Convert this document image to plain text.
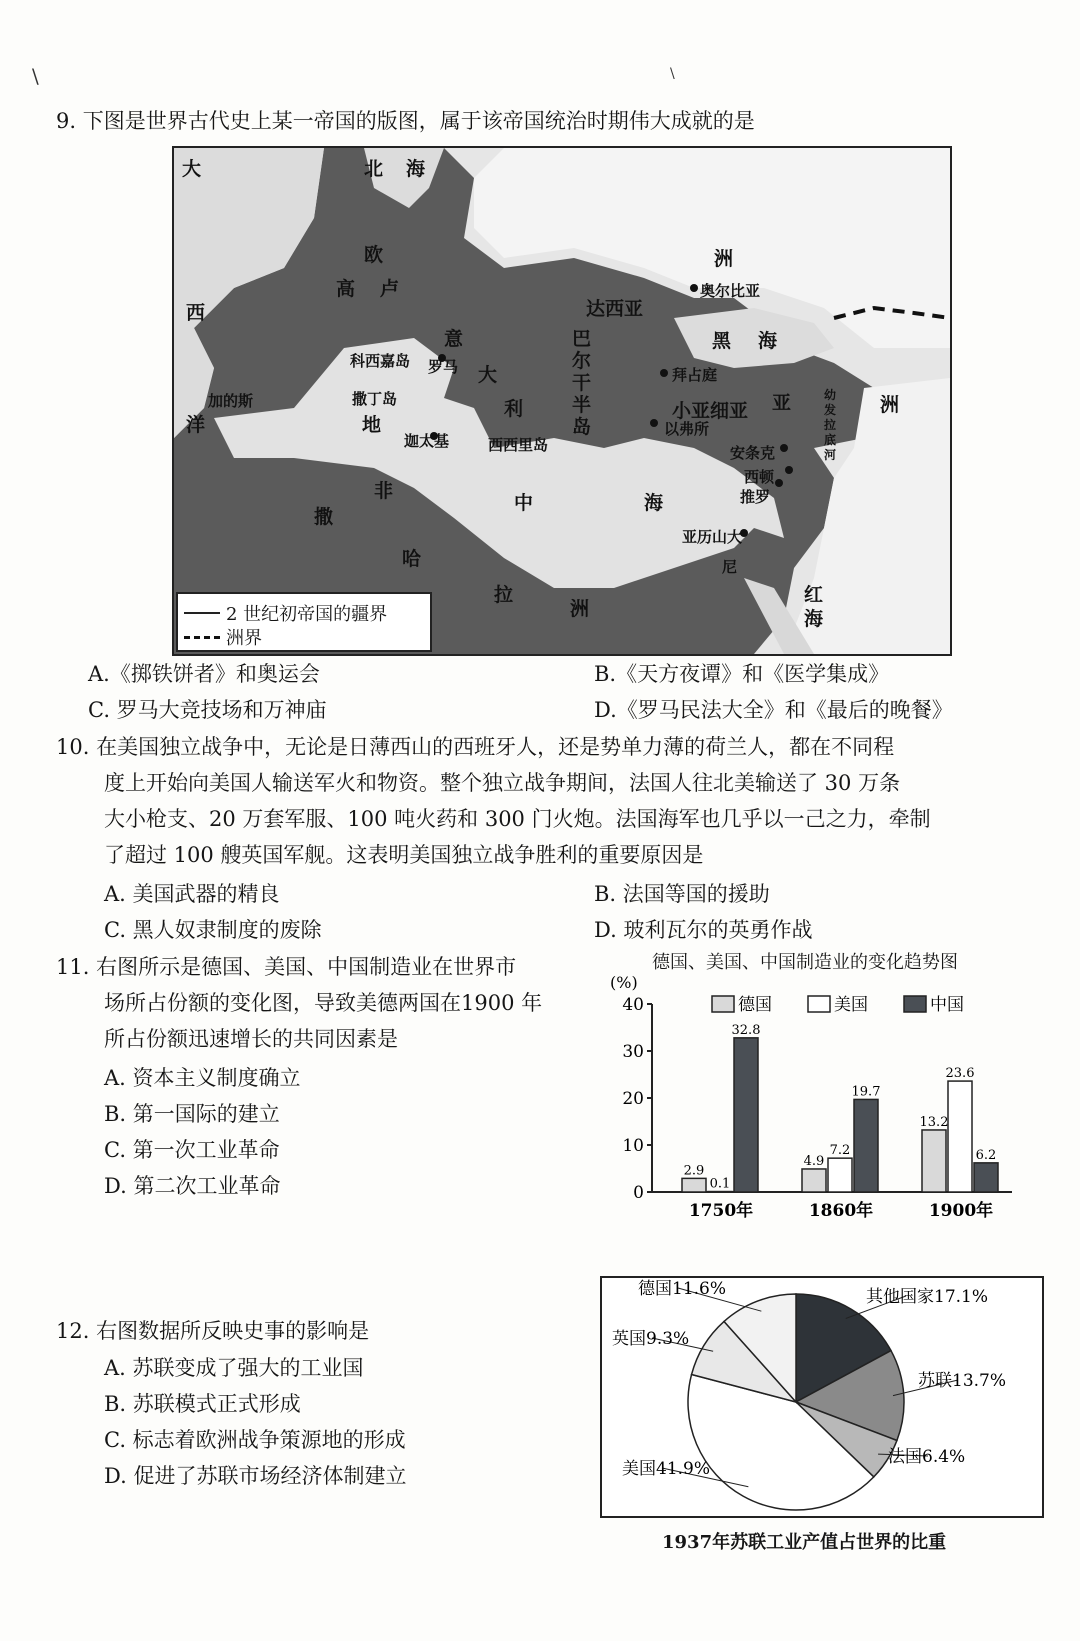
\	\
9. 下图是世界古代史上某一帝国的版图，属于该帝国统治时期伟大成就的是
大	北 海
西
洋
欧
高 卢
意
大
利
洲
洲
达西亚
奥尔比亚
黑 海
拜占庭
小亚细亚
以弗所
巴
尔
干
半
岛
科西嘉岛 罗马
撒丁岛
地
加的斯
迦太基	西西里岛
中	海
非
撒
哈
拉
洲
亚
安条克
西顿
推罗
亚历山大
幼发拉底河
红
海
尼
2 世纪初帝国的疆界
洲界
A.《掷铁饼者》和奥运会	B.《天方夜谭》和《医学集成》
C. 罗马大竞技场和万神庙	D.《罗马民法大全》和《最后的晚餐》
10. 在美国独立战争中，无论是日薄西山的西班牙人，还是势单力薄的荷兰人，都在不同程
度上开始向美国人输送军火和物资。整个独立战争期间，法国人往北美输送了 30 万条
大小枪支、20 万套军服、100 吨火药和 300 门火炮。法国海军也几乎以一己之力，牵制
了超过 100 艘英国军舰。这表明美国独立战争胜利的重要原因是
A. 美国武器的精良	B. 法国等国的援助
C. 黑人奴隶制度的废除	D. 玻利瓦尔的英勇作战
11. 右图所示是德国、美国、中国制造业在世界市
场所占份额的变化图，导致美德两国在1900 年
所占份额迅速增长的共同因素是
A. 资本主义制度确立
B. 第一国际的建立
C. 第一次工业革命
D. 第二次工业革命
德国、美国、中国制造业的变化趋势图
(%)
0
10
20
30
40
2.9
0.1
32.8
1750年
4.9
7.2
19.7
1860年
13.2
23.6
6.2
1900年
德国	美国	中国
12. 右图数据所反映史事的影响是
A. 苏联变成了强大的工业国
B. 苏联模式正式形成
C. 标志着欧洲战争策源地的形成
D. 促进了苏联市场经济体制建立
其他国家17.1%
苏联13.7%
法国6.4%
美国41.9%
英国9.3%
德国11.6%
1937年苏联工业产值占世界的比重
